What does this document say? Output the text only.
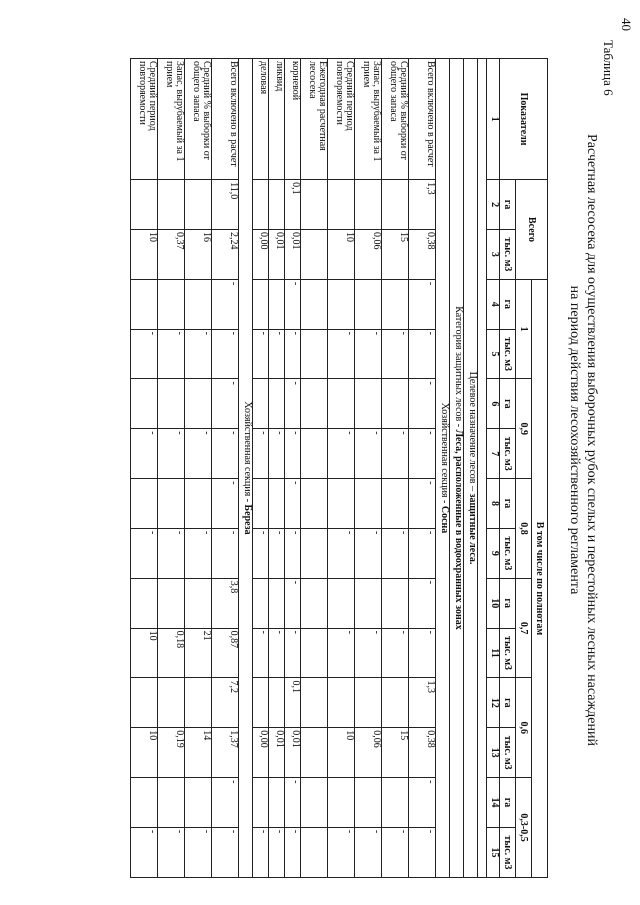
40
Таблица 6
Расчетная лесосека для осуществления выборочных рубок спелых и перестойных лесных насаждений
на период действия лесохозяйственного регламента
Показатели	Всего		В том числе по полнотам											
			1		0,9		0,8		0,7		0,6		0,3-0,5	
	га	тыс. м3	га	тыс. м3	га	тыс. м3	га	тыс. м3	га	тыс. м3	га	тыс. м3	га	тыс. м3
1	2	3	4	5	6	7	8	9	10	11	12	13	14	15

Целевое назначение лесов – защитные леса.														
Категория защитных лесов - Леса, расположенные в водоохранных зонах														
Хозяйственная секция - Сосна														
Всего включено в расчет	1,3	0,38	-	-	-	-	-	-	-	-	1,3	0,38	-	-
Средний % выборки от общего запаса		15		-		-		-		-		15		-
Запас, вырубаемый за 1 прием		0,06		-		-		-		-		0,06		-
Средний период повторяемости		10		-		-		-		-		10		-
Ежегодная расчетная лесосека														
корневой	0,1	0,01	-	-	-	-	-	-	-	-	0,1	0,01	-	-
ликвид		0,01		-		-		-		-		0,01		-
деловая		0,00		-		-		-		-		0,00		-
Хозяйственная секция - Береза														
Всего включено в расчет	11,0	2,24	-	-	-	-	-	-	3,8	0,87	7,2	1,37	-	-
Средний % выборки от общего запаса		16		-		-		-		21		14		-
Запас, вырубаемый за 1 прием		0,37		-		-		-		0,18		0,19		-
Средний период повторяемости		10		-		-		-		10		10		-
